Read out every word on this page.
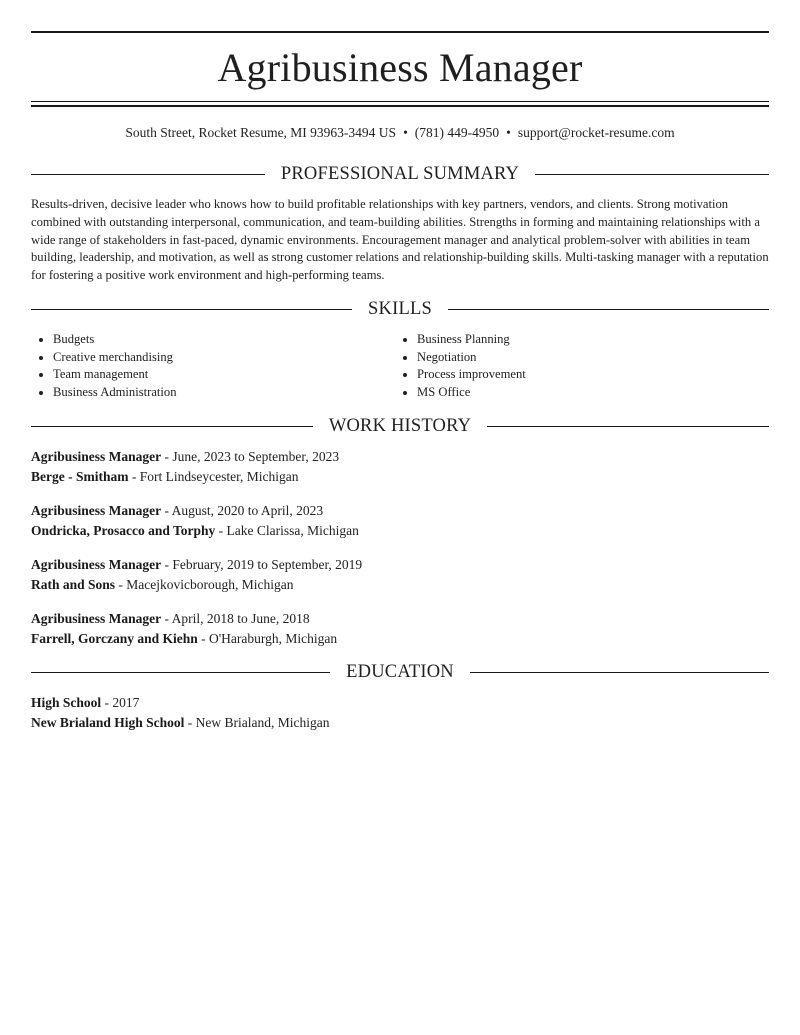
Agribusiness Manager
South Street, Rocket Resume, MI 93963-3494 US • (781) 449-4950 • support@rocket-resume.com
PROFESSIONAL SUMMARY
Results-driven, decisive leader who knows how to build profitable relationships with key partners, vendors, and clients. Strong motivation combined with outstanding interpersonal, communication, and team-building abilities. Strengths in forming and maintaining relationships with a wide range of stakeholders in fast-paced, dynamic environments. Encouragement manager and analytical problem-solver with abilities in team building, leadership, and motivation, as well as strong customer relations and relationship-building skills. Multi-tasking manager with a reputation for fostering a positive work environment and high-performing teams.
SKILLS
• Budgets
• Creative merchandising
• Team management
• Business Administration
• Business Planning
• Negotiation
• Process improvement
• MS Office
WORK HISTORY
Agribusiness Manager - June, 2023 to September, 2023
Berge - Smitham - Fort Lindseycester, Michigan
Agribusiness Manager - August, 2020 to April, 2023
Ondricka, Prosacco and Torphy - Lake Clarissa, Michigan
Agribusiness Manager - February, 2019 to September, 2019
Rath and Sons - Macejkovicborough, Michigan
Agribusiness Manager - April, 2018 to June, 2018
Farrell, Gorczany and Kiehn - O'Haraburgh, Michigan
EDUCATION
High School - 2017
New Brialand High School - New Brialand, Michigan
